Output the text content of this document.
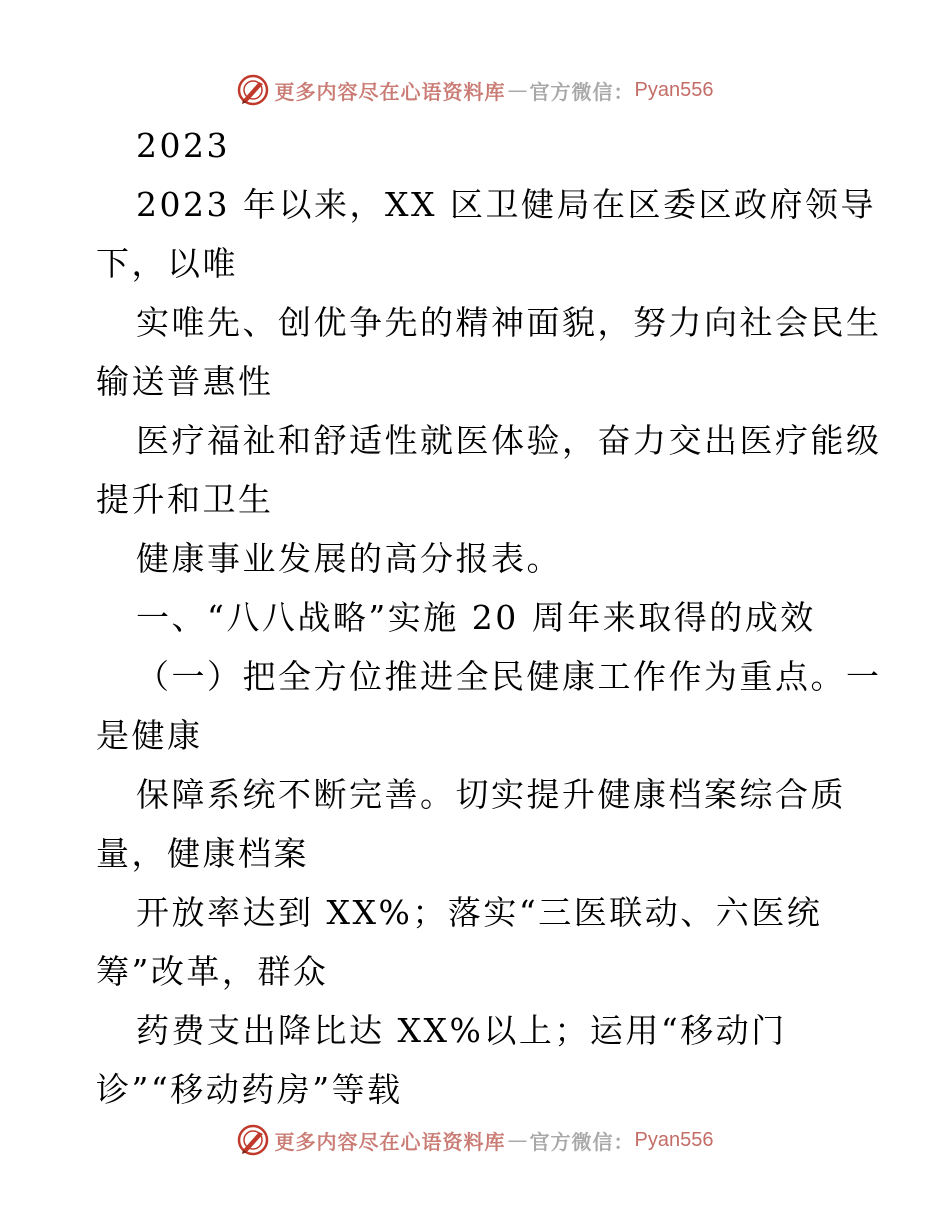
更多内容尽在心语资料库 — 官方微信： Pyan556
2023
2023 年以来，XX 区卫健局在区委区政府领导
下，以唯
实唯先、创优争先的精神面貌，努力向社会民生
输送普惠性
医疗福祉和舒适性就医体验，奋力交出医疗能级
提升和卫生
健康事业发展的高分报表。
一、“八八战略”实施 20 周年来取得的成效
（一）把全方位推进全民健康工作作为重点。一
是健康
保障系统不断完善。切实提升健康档案综合质
量，健康档案
开放率达到 XX%；落实“三医联动、六医统
筹”改革，群众
药费支出降比达 XX%以上；运用“移动门
诊”“移动药房”等载
更多内容尽在心语资料库 — 官方微信： Pyan556
